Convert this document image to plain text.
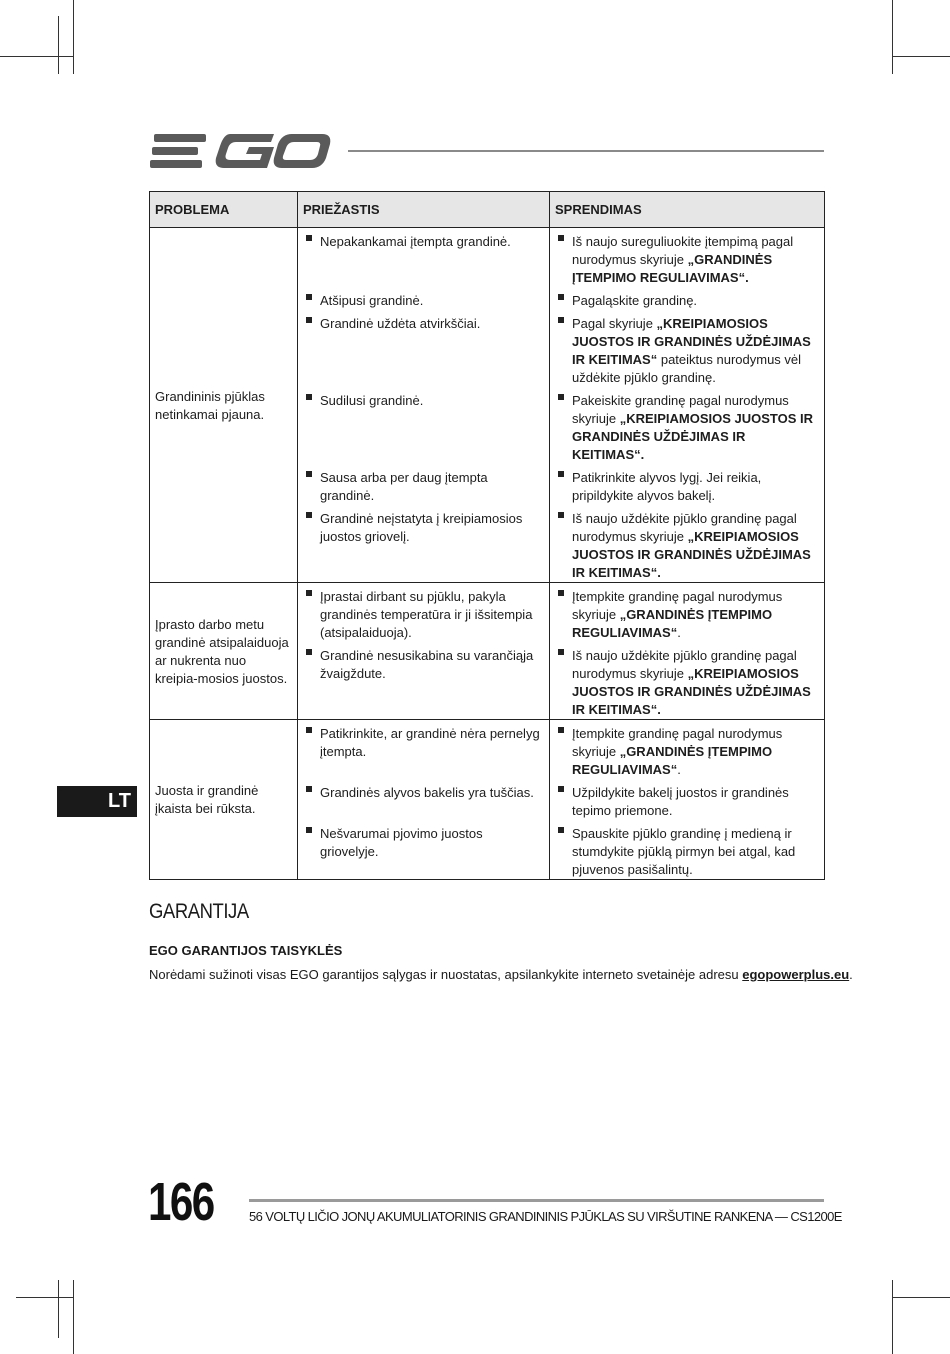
PROBLEMA	PRIEŽASTIS	SPRENDIMAS
Grandininis pjūklas netinkamai pjauna.	Nepakankamai įtempta grandinė.	Iš naujo sureguliuokite įtempimą pagal nurodymus skyriuje „GRANDINĖS ĮTEMPIMO REGULIAVIMAS“.

	Atšipusi grandinė.	Pagaląskite grandinę.

	Grandinė uždėta atvirkščiai.	Pagal skyriuje „KREIPIAMOSIOS JUOSTOS IR GRANDINĖS UŽDĖJIMAS IR KEITIMAS“ pateiktus nurodymus vėl uždėkite pjūklo grandinę.

	Sudilusi grandinė.	Pakeiskite grandinę pagal nurodymus skyriuje „KREIPIAMOSIOS JUOSTOS IR GRANDINĖS UŽDĖJIMAS IR KEITIMAS“.

	Sausa arba per daug įtempta grandinė.	Patikrinkite alyvos lygį. Jei reikia, pripildykite alyvos bakelį.

	Grandinė neįstatyta į kreipiamosios juostos griovelį.	Iš naujo uždėkite pjūklo grandinę pagal nurodymus skyriuje „KREIPIAMOSIOS JUOSTOS IR GRANDINĖS UŽDĖJIMAS IR KEITIMAS“.

Įprasto darbo metu grandinė atsipalaiduoja ar nukrenta nuo kreipia-mosios juostos.	Įprastai dirbant su pjūklu, pakyla grandinės temperatūra ir ji išsitempia (atsipalaiduoja).	Įtempkite grandinę pagal nurodymus skyriuje „GRANDINĖS ĮTEMPIMO REGULIAVIMAS“.

	Grandinė nesusikabina su varančiąja žvaigždute.	Iš naujo uždėkite pjūklo grandinę pagal nurodymus skyriuje „KREIPIAMOSIOS JUOSTOS IR GRANDINĖS UŽDĖJIMAS IR KEITIMAS“.

Juosta ir grandinė įkaista bei rūksta.	Patikrinkite, ar grandinė nėra pernelyg įtempta.	Įtempkite grandinę pagal nurodymus skyriuje „GRANDINĖS ĮTEMPIMO REGULIAVIMAS“.

	Grandinės alyvos bakelis yra tuščias.	Užpildykite bakelį juostos ir grandinės tepimo priemone.

	Nešvarumai pjovimo juostos griovelyje.	Spauskite pjūklo grandinę į medieną ir stumdykite pjūklą pirmyn bei atgal, kad pjuvenos pasišalintų.
LT
GARANTIJA
EGO GARANTIJOS TAISYKLĖS
Norėdami sužinoti visas EGO garantijos sąlygas ir nuostatas, apsilankykite interneto svetainėje adresu egopowerplus.eu.
166	56 VOLTŲ LIČIO JONŲ AKUMULIATORINIS GRANDININIS PJŪKLAS SU VIRŠUTINE RANKENA — CS1200E
